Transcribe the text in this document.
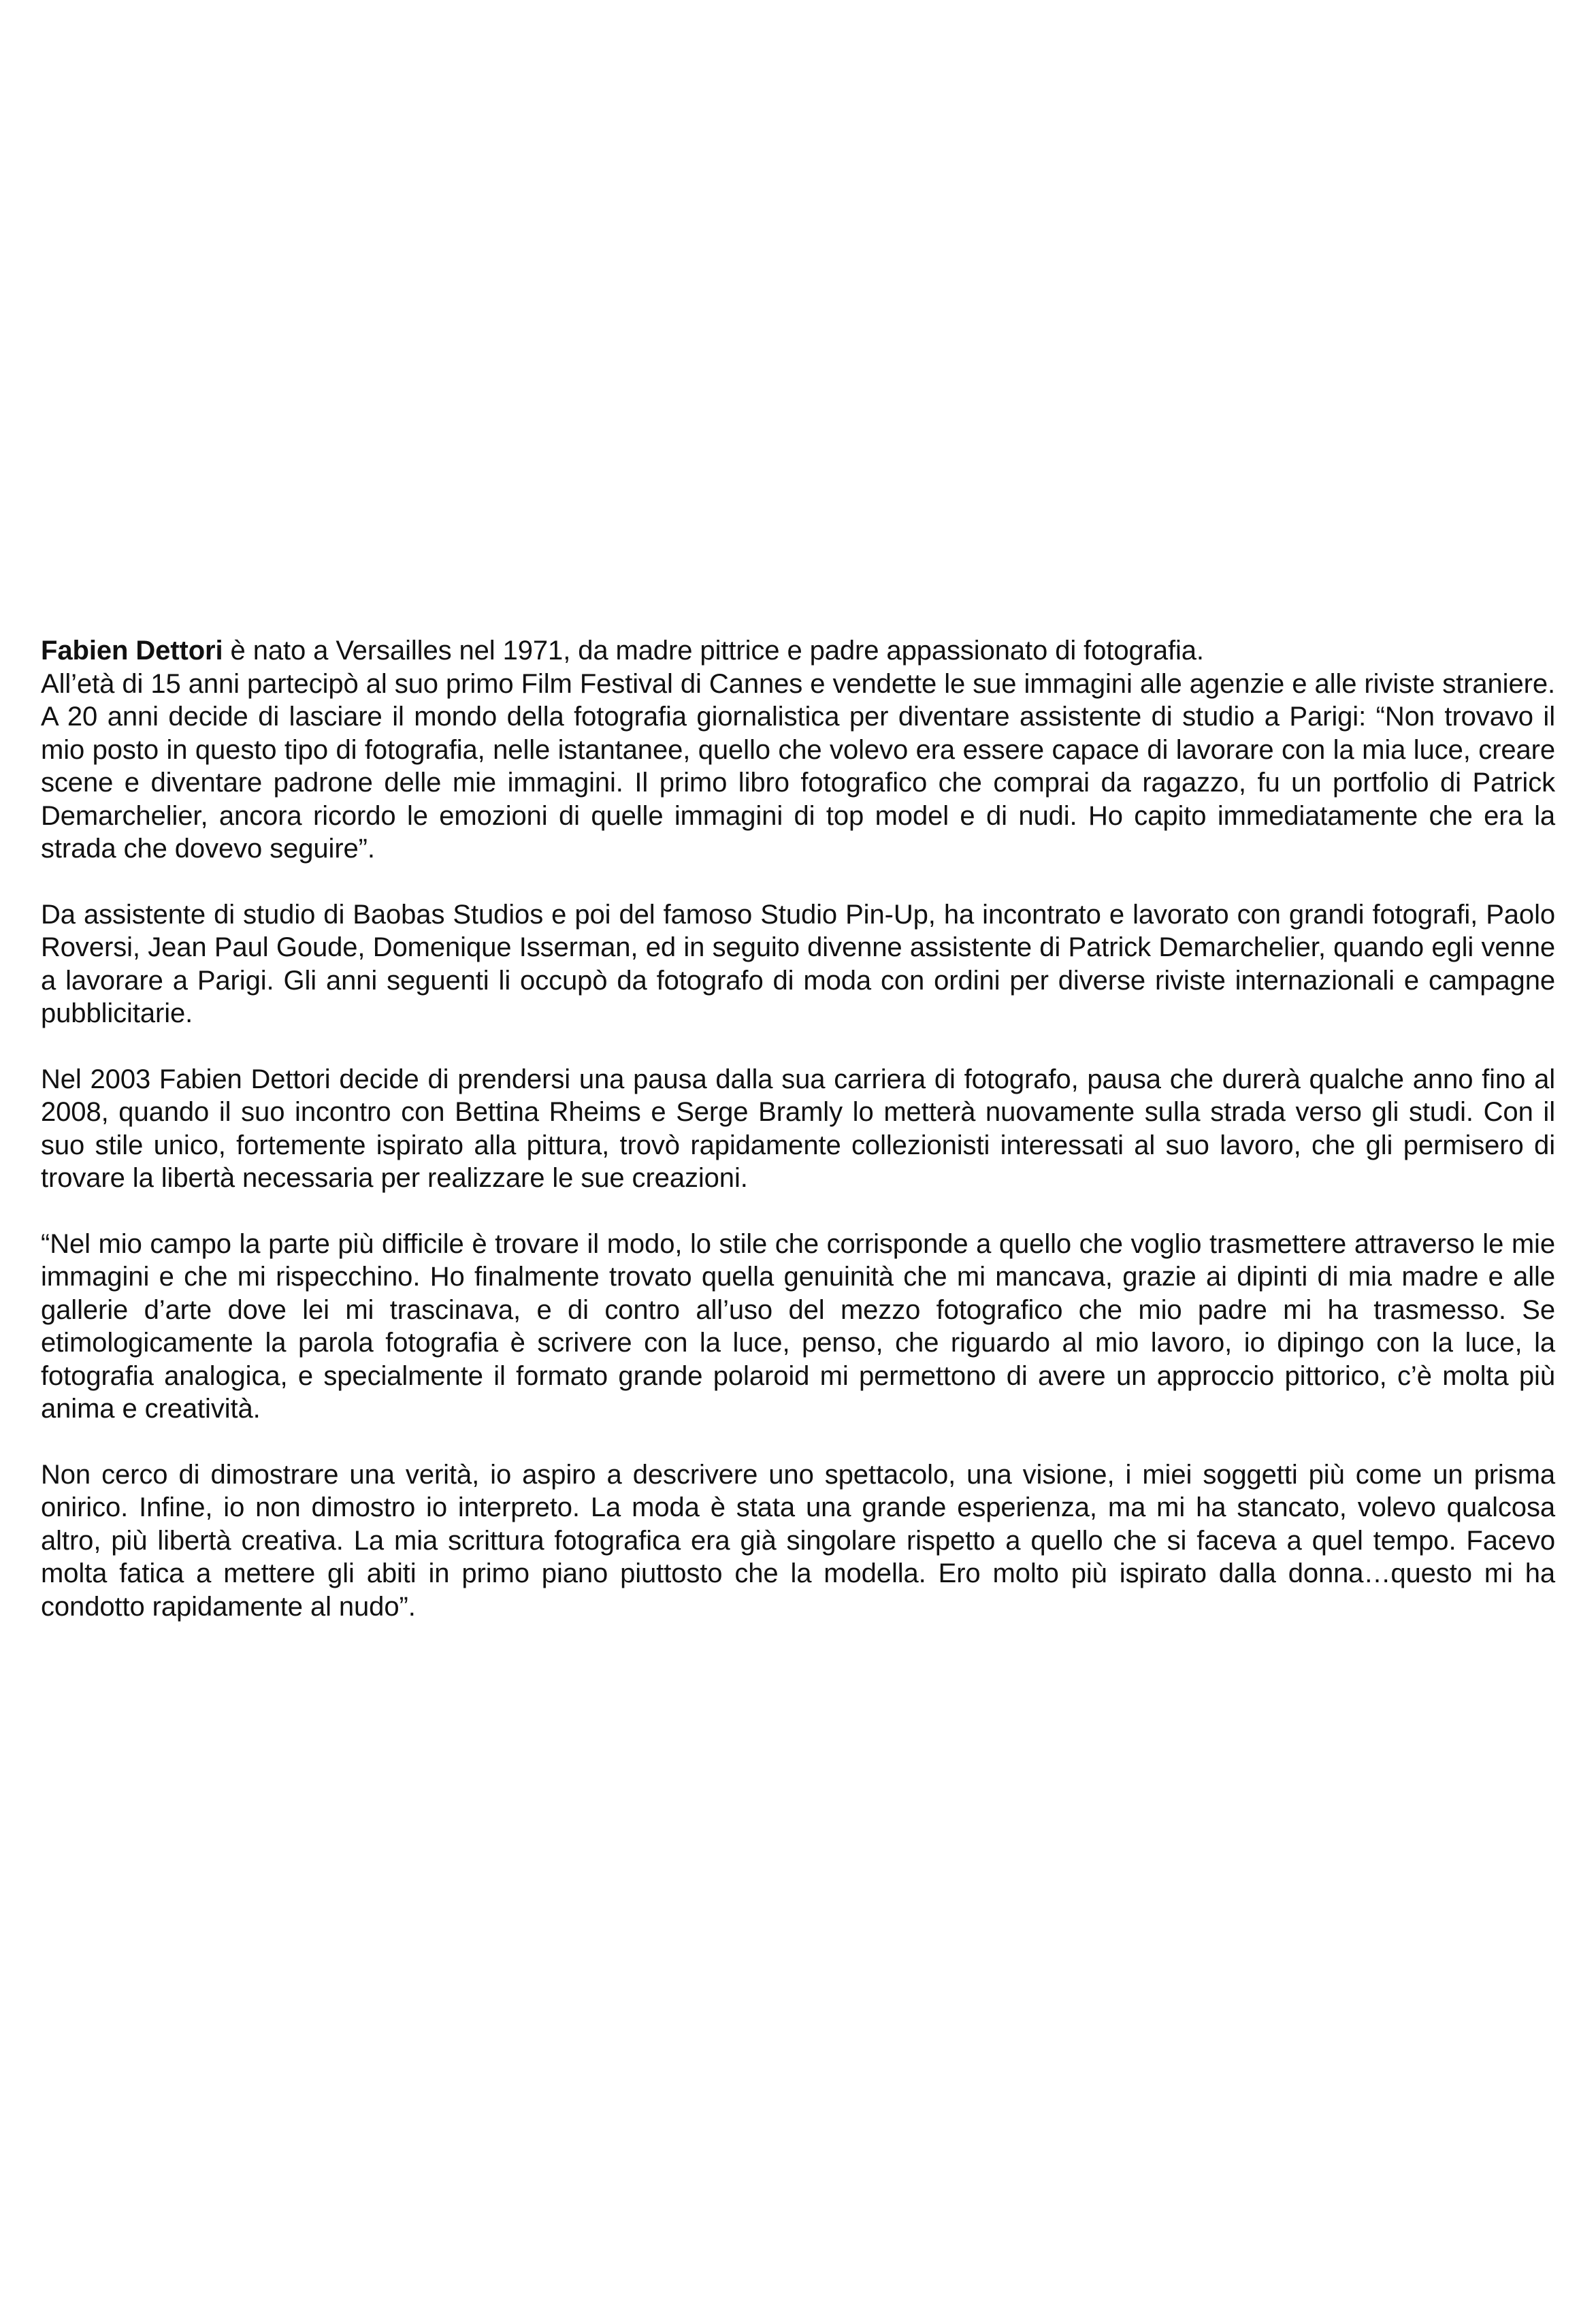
Fabien Dettori è nato a Versailles nel 1971, da madre pittrice e padre appassionato di fotografia.

All’età di 15 anni partecipò al suo primo Film Festival di Cannes e vendette le sue immagini alle agenzie e alle riviste straniere. A 20 anni decide di lasciare il mondo della fotografia giornalistica per diventare assistente di studio a Parigi: “Non trovavo il mio posto in questo tipo di fotografia, nelle istantanee, quello che volevo era essere capace di lavorare con la mia luce, creare scene e diventare padrone delle mie immagini. Il primo libro fotografico che comprai da ragazzo, fu un portfolio di Patrick Demarchelier, ancora ricordo le emozioni di quelle immagini di top model e di nudi. Ho capito immediatamente che era la strada che dovevo seguire”.

Da assistente di studio di Baobas Studios e poi del famoso Studio Pin-Up, ha incontrato e lavorato con grandi fotografi, Paolo Roversi, Jean Paul Goude, Domenique Isserman, ed in seguito divenne assistente di Patrick Demarchelier, quando egli venne a lavorare a Parigi. Gli anni seguenti li occupò da fotografo di moda con ordini per diverse riviste internazionali e campagne pubblicitarie.

Nel 2003 Fabien Dettori decide di prendersi una pausa dalla sua carriera di fotografo, pausa che durerà qualche anno fino al 2008, quando il suo incontro con Bettina Rheims e Serge Bramly lo metterà nuovamente sulla strada verso gli studi. Con il suo stile unico, fortemente ispirato alla pittura, trovò rapidamente collezionisti interessati al suo lavoro, che gli permisero di trovare la libertà necessaria per realizzare le sue creazioni.

“Nel mio campo la parte più difficile è trovare il modo, lo stile che corrisponde a quello che voglio trasmettere attraverso le mie immagini e che mi rispecchino. Ho finalmente trovato quella genuinità che mi mancava, grazie ai dipinti di mia madre e alle gallerie d’arte dove lei mi trascinava, e di contro all’uso del mezzo fotografico che mio padre mi ha trasmesso. Se etimologicamente la parola fotografia è scrivere con la luce, penso, che riguardo al mio lavoro, io dipingo con la luce, la fotografia analogica, e specialmente il formato grande polaroid mi permettono di avere un approccio pittorico, c’è molta più anima e creatività.

Non cerco di dimostrare una verità, io aspiro a descrivere uno spettacolo, una visione, i miei soggetti più come un prisma onirico. Infine, io non dimostro io interpreto. La moda è stata una grande esperienza, ma mi ha stancato, volevo qualcosa altro, più libertà creativa. La mia scrittura fotografica era già singolare rispetto a quello che si faceva a quel tempo. Facevo molta fatica a mettere gli abiti in primo piano piuttosto che la modella. Ero molto più ispirato dalla donna…questo mi ha condotto rapidamente al nudo”.
